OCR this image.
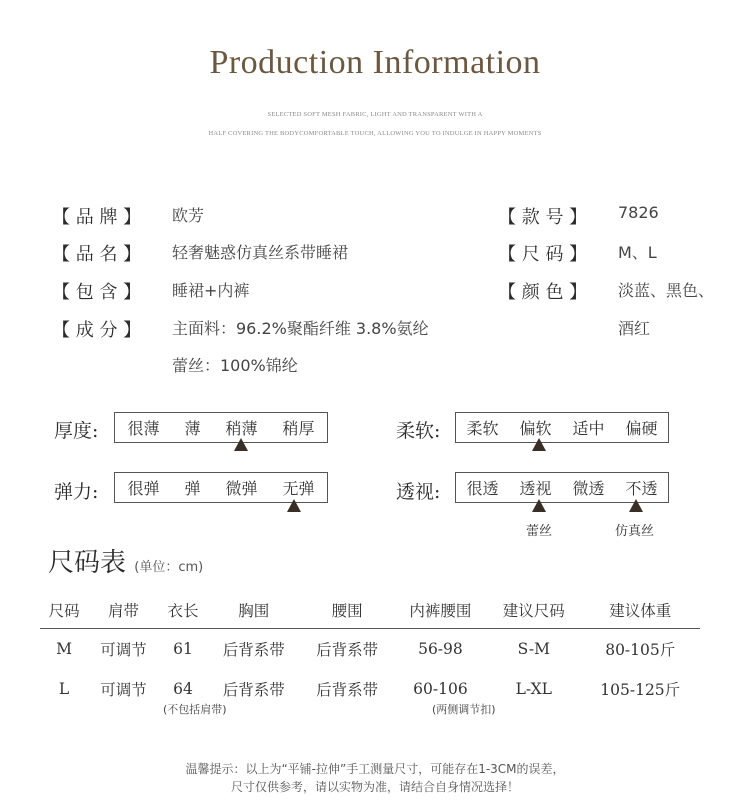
Production Information
SELECTED SOFT MESH FABRIC, LIGHT AND TRANSPARENT WITH A
HALF COVERING THE BODYCOMFORTABLE TOUCH, ALLOWING YOU TO INDULGE IN HAPPY MOMENTS
【 品 牌 】 欧芳
【 品 名 】 轻奢魅惑仿真丝系带睡裙
【 包 含 】 睡裙+内裤
【 成 分 】 主面料：96.2%聚酯纤维 3.8%氨纶
蕾丝：100%锦纶
【 款 号 】 7826
【 尺 码 】 M、L
【 颜 色 】 淡蓝、黑色、
酒红
厚度: 很薄 薄 稍薄 稍厚	柔软: 柔软 偏软 适中 偏硬
弹力: 很弹 弹 微弹 无弹	透视: 很透 透视 微透 不透
蕾丝	仿真丝
尺码表 (单位：cm)
尺码	肩带	衣长	胸围	腰围	内裤腰围	建议尺码	建议体重
M	可调节	61	后背系带	后背系带	56-98	S-M	80-105斤
L	可调节	64	后背系带	后背系带	60-106	L-XL	105-125斤
(不包括肩带)	(两侧调节扣)
温馨提示：以上为“平铺-拉伸”手工测量尺寸，可能存在1-3CM的误差，
尺寸仅供参考，请以实物为准，请结合自身情况选择！
